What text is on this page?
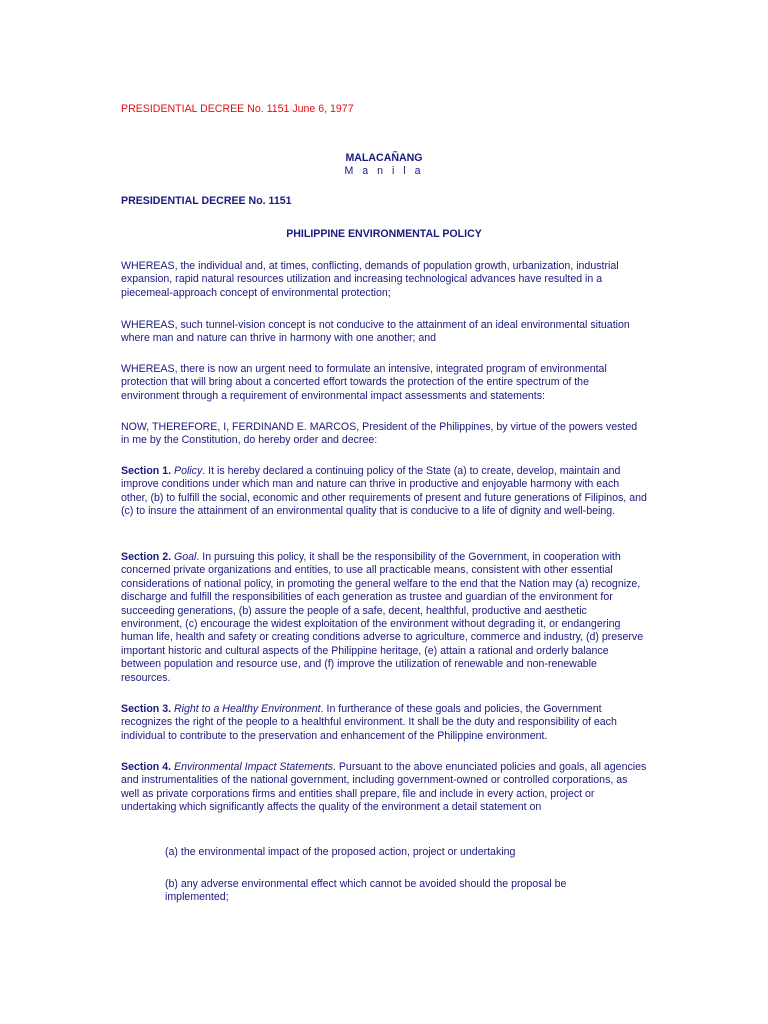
PRESIDENTIAL DECREE No. 1151 June 6, 1977

MALACAÑANG

M a n i l a

PRESIDENTIAL DECREE No. 1151

PHILIPPINE ENVIRONMENTAL POLICY

WHEREAS, the individual and, at times, conflicting, demands of population growth, urbanization, industrial expansion, rapid natural resources utilization and increasing technological advances have resulted in a piecemeal-approach concept of environmental protection;

WHEREAS, such tunnel-vision concept is not conducive to the attainment of an ideal environmental situation where man and nature can thrive in harmony with one another; and

WHEREAS, there is now an urgent need to formulate an intensive, integrated program of environmental protection that will bring about a concerted effort towards the protection of the entire spectrum of the environment through a requirement of environmental impact assessments and statements:

NOW, THEREFORE, I, FERDINAND E. MARCOS, President of the Philippines, by virtue of the powers vested in me by the Constitution, do hereby order and decree:

Section 1. Policy. It is hereby declared a continuing policy of the State (a) to create, develop, maintain and improve conditions under which man and nature can thrive in productive and enjoyable harmony with each other, (b) to fulfill the social, economic and other requirements of present and future generations of Filipinos, and (c) to insure the attainment of an environmental quality that is conducive to a life of dignity and well-being.

Section 2. Goal. In pursuing this policy, it shall be the responsibility of the Government, in cooperation with concerned private organizations and entities, to use all practicable means, consistent with other essential considerations of national policy, in promoting the general welfare to the end that the Nation may (a) recognize, discharge and fulfill the responsibilities of each generation as trustee and guardian of the environment for succeeding generations, (b) assure the people of a safe, decent, healthful, productive and aesthetic environment, (c) encourage the widest exploitation of the environment without degrading it, or endangering human life, health and safety or creating conditions adverse to agriculture, commerce and industry, (d) preserve important historic and cultural aspects of the Philippine heritage, (e) attain a rational and orderly balance between population and resource use, and (f) improve the utilization of renewable and non-renewable resources.

Section 3. Right to a Healthy Environment. In furtherance of these goals and policies, the Government recognizes the right of the people to a healthful environment. It shall be the duty and responsibility of each individual to contribute to the preservation and enhancement of the Philippine environment.

Section 4. Environmental Impact Statements. Pursuant to the above enunciated policies and goals, all agencies and instrumentalities of the national government, including government-owned or controlled corporations, as well as private corporations firms and entities shall prepare, file and include in every action, project or undertaking which significantly affects the quality of the environment a detail statement on

(a) the environmental impact of the proposed action, project or undertaking

(b) any adverse environmental effect which cannot be avoided should the proposal be implemented;
